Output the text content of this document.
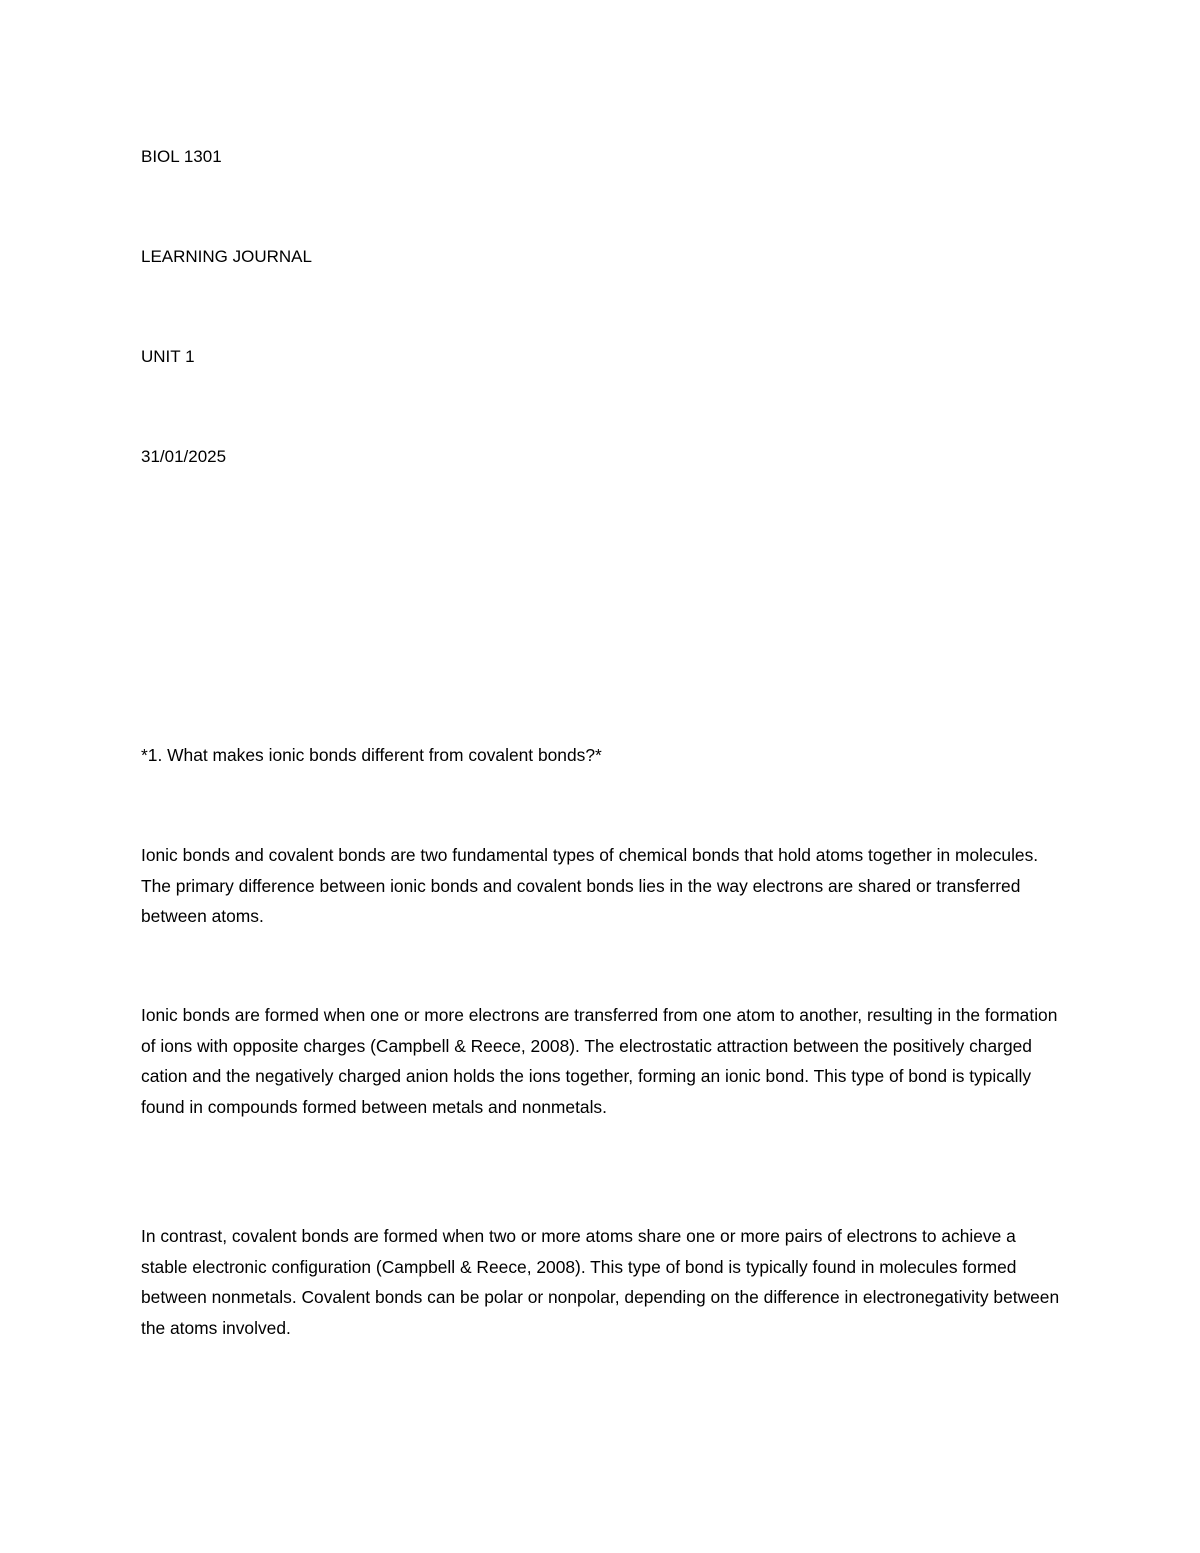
BIOL 1301
LEARNING JOURNAL
UNIT 1
31/01/2025
*1. What makes ionic bonds different from covalent bonds?*
Ionic bonds and covalent bonds are two fundamental types of chemical bonds that hold atoms together in molecules. The primary difference between ionic bonds and covalent bonds lies in the way electrons are shared or transferred between atoms.
Ionic bonds are formed when one or more electrons are transferred from one atom to another, resulting in the formation of ions with opposite charges (Campbell & Reece, 2008). The electrostatic attraction between the positively charged cation and the negatively charged anion holds the ions together, forming an ionic bond. This type of bond is typically found in compounds formed between metals and nonmetals.
In contrast, covalent bonds are formed when two or more atoms share one or more pairs of electrons to achieve a stable electronic configuration (Campbell & Reece, 2008). This type of bond is typically found in molecules formed between nonmetals. Covalent bonds can be polar or nonpolar, depending on the difference in electronegativity between the atoms involved.
